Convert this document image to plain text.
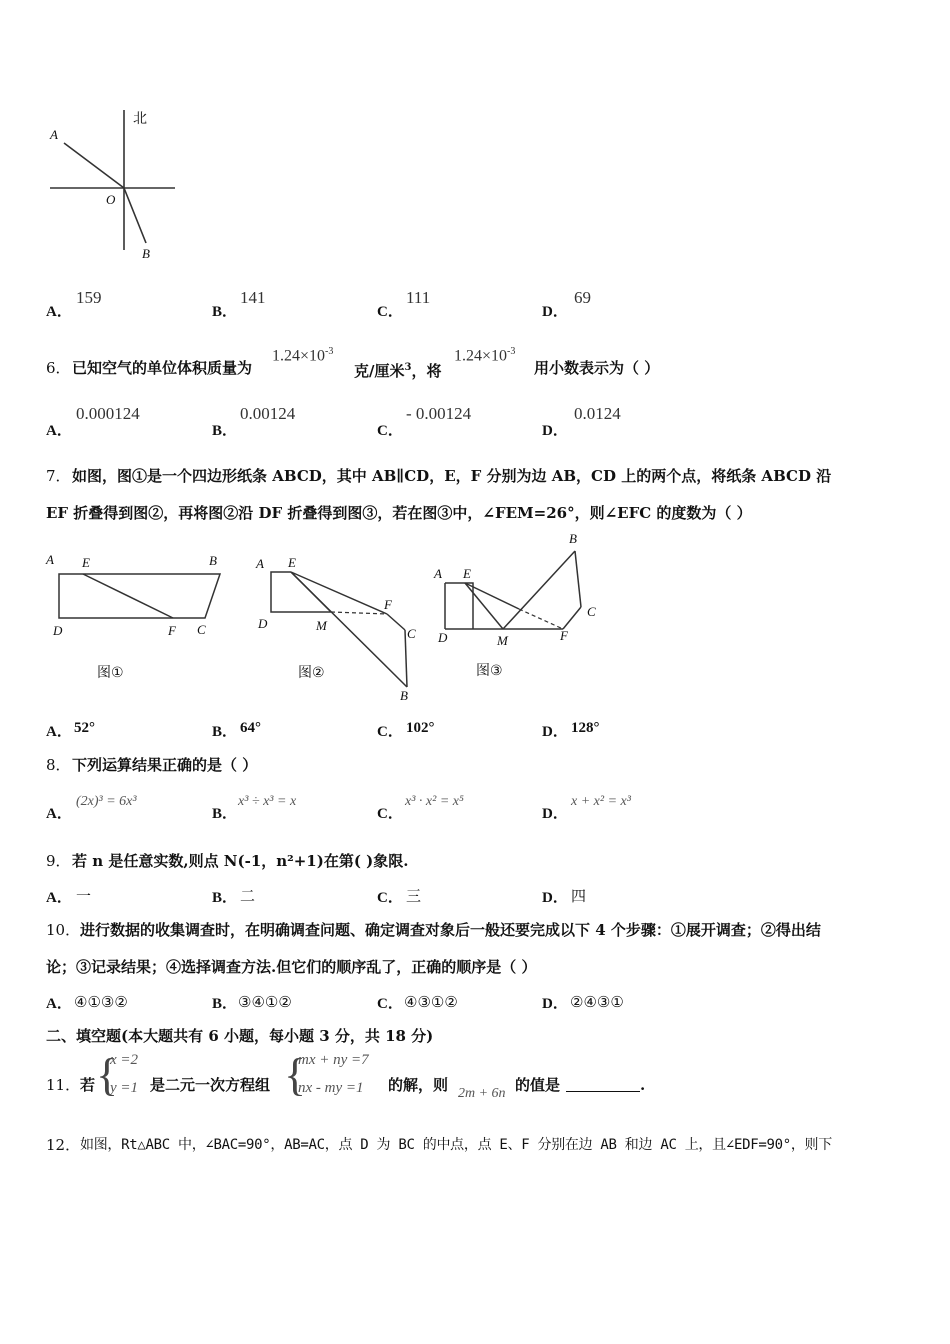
北
A
O
B
A．
159
B．
141
C．
111
D．
69
6． 已知空气的单位体积质量为
$1.24\times 10^{-3}$
克/厘米$^3$，将
$1.24\times 10^{-3}$
用小数表示为（ ）
A．
0.000124
B．
0.00124
C．
- 0.00124
D．
0.0124
7． 如图，图①是一个四边形纸条 ABCD，其中 AB∥CD，E，F 分别为边 AB，CD 上的两个点，将纸条 ABCD 沿
EF 折叠得到图②，再将图②沿 DF 折叠得到图③，若在图③中，∠FEM=26°，则∠EFC 的度数为（ ）
A E	B
D	F C
图①
A E
F
D	M
C
B
图②
B
A E
C
D	M	F
图③
A． 52°	B． 64°	C． 102°	D． 128°
8． 下列运算结果正确的是（ ）
A．
(2x)³ = 6x³
B．
x³ ÷ x³ = x
C．
x³ · x² = x⁵
D．
x + x² = x³
9． 若 n 是任意实数,则点 N(-1，n²+1)在第( )象限.
A． 一	B． 二	C． 三	D． 四
10． 进行数据的收集调查时，在明确调查问题、确定调查对象后一般还要完成以下 4 个步骤：①展开调查；②得出结
论；③记录结果；④选择调查方法.但它们的顺序乱了，正确的顺序是（ ）
A． ④①③②	B． ③④①②	C． ④③①②	D． ②④③①
二、填空题(本大题共有 6 小题，每小题 3 分，共 18 分)
11． 若 {
x =2
y =1 是二元一次方程组 {
mx + ny =7
nx - my =1 的解，则 2m + 6n 的值是	.
12． 如图，Rt△ABC 中，∠BAC=90°，AB=AC，点 D 为 BC 的中点，点 E、F 分别在边 AB 和边 AC 上，且∠EDF=90°，则下
